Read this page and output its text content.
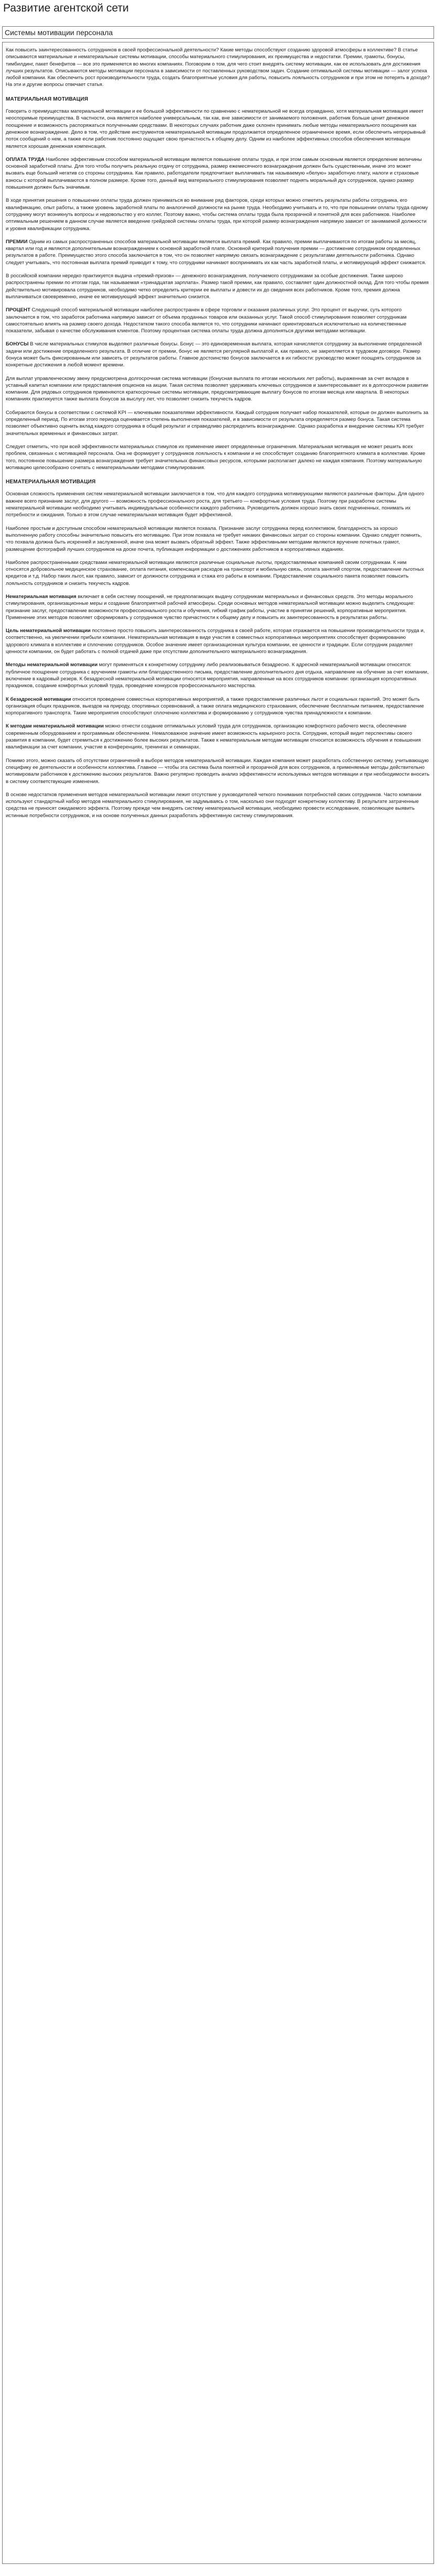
Развитие агентской сети
Системы мотивации персонала

Как повысить заинтересованность сотрудников в своей профессиональной деятельности? Какие методы способствуют созданию здоровой атмосферы в коллективе? В статье описываются материальные и нематериальные системы мотивации, способы материального стимулирования, их преимущества и недостатки. Премии, грамоты, бонусы, тимбилдинг, пакет бенефитов — все это применяется во многих компаниях. Поговорим о том, для чего стоит внедрять систему мотивации, как ее использовать для достижения лучших результатов. Описываются методы мотивации персонала в зависимости от поставленных руководством задач. Создание оптимальной системы мотивации — залог успеха любой компании. Как обеспечить рост производительности труда, создать благоприятные условия для работы, повысить лояльность сотрудников и при этом не потерять в доходе? На эти и другие вопросы отвечает статья.

МАТЕРИАЛЬНАЯ МОТИВАЦИЯ

Говорить о преимуществах материальной мотивации и ее большой эффективности по сравнению с нематериальной не всегда оправданно, хотя материальная мотивация имеет неоспоримые преимущества. В частности, она является наиболее универсальным, так как, вне зависимости от занимаемого положения, работник больше ценит денежное поощрение и возможность распоряжаться полученными средствами. В некоторых случаях работник даже склонен принимать любые методы нематериального поощрения как денежное вознаграждение. Дело в том, что действие инструментов нематериальной мотивации продолжается определенное ограниченное время, если обеспечить непрерывный поток сообщений о нем, а также если работник постоянно ощущает свою причастность к общему делу. Одним из наиболее эффективных способов обеспечения мотивации является хорошая денежная компенсация.

ОПЛАТА ТРУДА Наиболее эффективным способом материальной мотивации является повышение оплаты труда, и при этом самым основным является определение величины основной заработной платы. Для того чтобы получить реальную отдачу от сотрудника, размер ежемесячного вознаграждения должен быть существенным, иначе это может вызвать еще больший негатив со стороны сотрудника. Как правило, работодатели предпочитают выплачивать так называемую «белую» заработную плату, налоги и страховые взносы с которой выплачиваются в полном размере. Кроме того, данный вид материального стимулирования позволяет поднять моральный дух сотрудников, однако размер повышения должен быть значимым.

В ходе принятия решения о повышении оплаты труда должен приниматься во внимание ряд факторов, среди которых можно отметить результаты работы сотрудника, его квалификацию, опыт работы, а также уровень заработной платы по аналогичной должности на рынке труда. Необходимо учитывать и то, что при повышении оплаты труда одному сотруднику могут возникнуть вопросы и недовольство у его коллег. Поэтому важно, чтобы система оплаты труда была прозрачной и понятной для всех работников. Наиболее оптимальным решением в данном случае является введение грейдовой системы оплаты труда, при которой размер вознаграждения напрямую зависит от занимаемой должности и уровня квалификации сотрудника.

ПРЕМИИ Одним из самых распространенных способов материальной мотивации является выплата премий. Как правило, премии выплачиваются по итогам работы за месяц, квартал или год и являются дополнительным вознаграждением к основной заработной плате. Основной критерий получения премии — достижение сотрудником определенных результатов в работе. Преимущество этого способа заключается в том, что он позволяет напрямую связать вознаграждение с результатами деятельности работника. Однако следует учитывать, что постоянная выплата премий приводит к тому, что сотрудники начинают воспринимать их как часть заработной платы, и мотивирующий эффект снижается.

В российской компании нередко практикуется выдача «премий-призов» — денежного вознаграждения, получаемого сотрудниками за особые достижения. Также широко распространены премии по итогам года, так называемая «тринадцатая зарплата». Размер такой премии, как правило, составляет один должностной оклад. Для того чтобы премия действительно мотивировала сотрудников, необходимо четко определить критерии ее выплаты и довести их до сведения всех работников. Кроме того, премия должна выплачиваться своевременно, иначе ее мотивирующий эффект значительно снизится.

ПРОЦЕНТ Следующий способ материальной мотивации наиболее распространен в сфере торговли и оказания различных услуг. Это процент от выручки, суть которого заключается в том, что заработок работника напрямую зависит от объема проданных товаров или оказанных услуг. Такой способ стимулирования позволяет сотрудникам самостоятельно влиять на размер своего дохода. Недостатком такого способа является то, что сотрудники начинают ориентироваться исключительно на количественные показатели, забывая о качестве обслуживания клиентов. Поэтому процентная система оплаты труда должна дополняться другими методами мотивации.

БОНУСЫ В числе материальных стимулов выделяют различные бонусы. Бонус — это единовременная выплата, которая начисляется сотруднику за выполнение определенной задачи или достижение определенного результата. В отличие от премии, бонус не является регулярной выплатой и, как правило, не закрепляется в трудовом договоре. Размер бонуса может быть фиксированным или зависеть от результатов работы. Главное достоинство бонусов заключается в их гибкости: руководство может поощрять сотрудников за конкретные достижения в любой момент времени.

Для выплат управленческому звену предусмотрена долгосрочная система мотивации (бонусная выплата по итогам нескольких лет работы), выраженная за счет вкладов в уставный капитал компании или предоставления опционов на акции. Такая система позволяет удерживать ключевых сотрудников и заинтересовывает их в долгосрочном развитии компании. Для рядовых сотрудников применяются краткосрочные системы мотивации, предусматривающие выплату бонусов по итогам месяца или квартала. В некоторых компаниях практикуется также выплата бонусов за выслугу лет, что позволяет снизить текучесть кадров.

Собираются бонусы в соответствии с системой KPI — ключевыми показателями эффективности. Каждый сотрудник получает набор показателей, которые он должен выполнить за определенный период. По итогам этого периода оценивается степень выполнения показателей, и в зависимости от результата определяется размер бонуса. Такая система позволяет объективно оценить вклад каждого сотрудника в общий результат и справедливо распределить вознаграждение. Однако разработка и внедрение системы KPI требует значительных временных и финансовых затрат.

Следует отметить, что при всей эффективности материальных стимулов их применение имеет определенные ограничения. Материальная мотивация не может решить всех проблем, связанных с мотивацией персонала. Она не формирует у сотрудников лояльность к компании и не способствует созданию благоприятного климата в коллективе. Кроме того, постоянное повышение размера вознаграждения требует значительных финансовых ресурсов, которыми располагает далеко не каждая компания. Поэтому материальную мотивацию целесообразно сочетать с нематериальными методами стимулирования.

НЕМАТЕРИАЛЬНАЯ МОТИВАЦИЯ

Основная сложность применения систем нематериальной мотивации заключается в том, что для каждого сотрудника мотивирующими являются различные факторы. Для одного важнее всего признание заслуг, для другого — возможность профессионального роста, для третьего — комфортные условия труда. Поэтому при разработке системы нематериальной мотивации необходимо учитывать индивидуальные особенности каждого работника. Руководитель должен хорошо знать своих подчиненных, понимать их потребности и ожидания. Только в этом случае нематериальная мотивация будет эффективной.

Наиболее простым и доступным способом нематериальной мотивации является похвала. Признание заслуг сотрудника перед коллективом, благодарность за хорошо выполненную работу способны значительно повысить его мотивацию. При этом похвала не требует никаких финансовых затрат со стороны компании. Однако следует помнить, что похвала должна быть искренней и заслуженной, иначе она может вызвать обратный эффект. Также эффективными методами являются вручение почетных грамот, размещение фотографий лучших сотрудников на доске почета, публикация информации о достижениях работников в корпоративных изданиях.

Наиболее распространенными средствами нематериальной мотивации являются различные социальные льготы, предоставляемые компанией своим сотрудникам. К ним относятся добровольное медицинское страхование, оплата питания, компенсация расходов на транспорт и мобильную связь, оплата занятий спортом, предоставление льготных кредитов и т.д. Набор таких льгот, как правило, зависит от должности сотрудника и стажа его работы в компании. Предоставление социального пакета позволяет повысить лояльность сотрудников и снизить текучесть кадров.

Нематериальная мотивация включает в себя систему поощрений, не предполагающих выдачу сотрудникам материальных и финансовых средств. Это методы морального стимулирования, организационные меры и создание благоприятной рабочей атмосферы. Среди основных методов нематериальной мотивации можно выделить следующие: признание заслуг, предоставление возможности профессионального роста и обучения, гибкий график работы, участие в принятии решений, корпоративные мероприятия. Применение этих методов позволяет сформировать у сотрудников чувство причастности к общему делу и повысить их заинтересованность в результатах работы.

Цель нематериальной мотивации постоянно просто повысить заинтересованность сотрудника в своей работе, которая отражается на повышении производительности труда и, соответственно, на увеличении прибыли компании. Нематериальная мотивация в виде участия в совместных корпоративных мероприятиях способствует формированию здорового климата в коллективе и сплочению сотрудников. Особое значение имеет организационная культура компании, ее ценности и традиции. Если сотрудник разделяет ценности компании, он будет работать с полной отдачей даже при отсутствии дополнительного материального вознаграждения.

Методы нематериальной мотивации могут применяться к конкретному сотруднику либо реализовываться безадресно. К адресной нематериальной мотивации относятся: публичное поощрение сотрудника с вручением грамоты или благодарственного письма, предоставление дополнительного дня отдыха, направление на обучение за счет компании, включение в кадровый резерв. К безадресной нематериальной мотивации относятся мероприятия, направленные на всех сотрудников компании: организация корпоративных праздников, создание комфортных условий труда, проведение конкурсов профессионального мастерства.

К безадресной мотивации относится проведение совместных корпоративных мероприятий, а также предоставление различных льгот и социальных гарантий. Это может быть организация общих праздников, выездов на природу, спортивных соревнований, а также оплата медицинского страхования, обеспечение бесплатным питанием, предоставление корпоративного транспорта. Такие мероприятия способствуют сплочению коллектива и формированию у сотрудников чувства принадлежности к компании.

К методам нематериальной мотивации можно отнести создание оптимальных условий труда для сотрудников, организацию комфортного рабочего места, обеспечение современным оборудованием и программным обеспечением. Немаловажное значение имеет возможность карьерного роста. Сотрудник, который видит перспективы своего развития в компании, будет стремиться к достижению более высоких результатов. Также к нематериальным методам мотивации относится возможность обучения и повышения квалификации за счет компании, участие в конференциях, тренингах и семинарах.

Помимо этого, можно сказать об отсутствии ограничений в выборе методов нематериальной мотивации. Каждая компания может разработать собственную систему, учитывающую специфику ее деятельности и особенности коллектива. Главное — чтобы эта система была понятной и прозрачной для всех сотрудников, а применяемые методы действительно мотивировали работников к достижению высоких результатов. Важно регулярно проводить анализ эффективности используемых методов мотивации и при необходимости вносить в систему соответствующие изменения.

В основе недостатков применения методов нематериальной мотивации лежит отсутствие у руководителей четкого понимания потребностей своих сотрудников. Часто компании используют стандартный набор методов нематериального стимулирования, не задумываясь о том, насколько они подходят конкретному коллективу. В результате затраченные средства не приносят ожидаемого эффекта. Поэтому прежде чем внедрять систему нематериальной мотивации, необходимо провести исследование, позволяющее выявить истинные потребности сотрудников, и на основе полученных данных разработать эффективную систему стимулирования.
